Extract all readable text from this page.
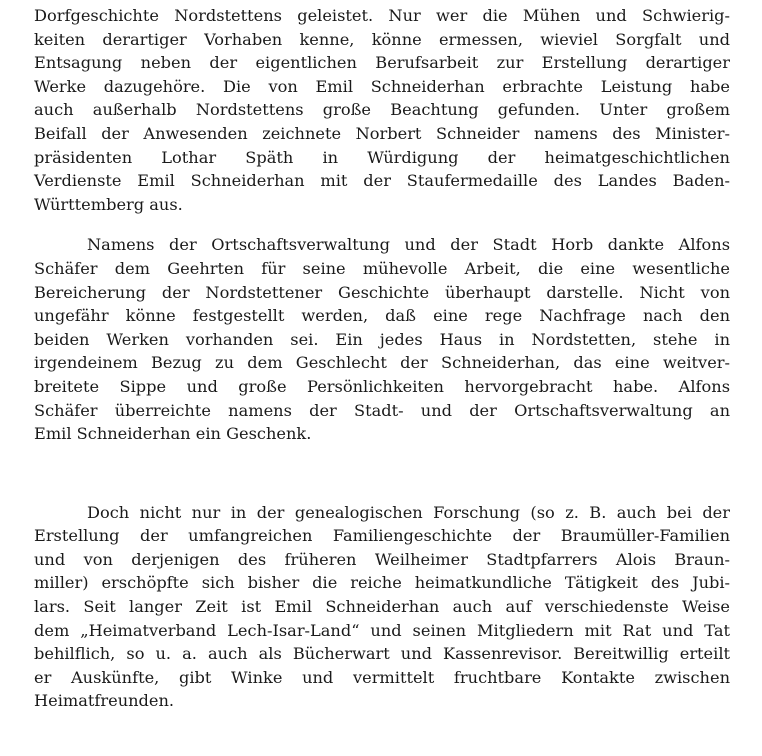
Dorfgeschichte Nordstettens geleistet. Nur wer die Mühen und Schwierig-
keiten derartiger Vorhaben kenne, könne ermessen, wieviel Sorgfalt und
Entsagung neben der eigentlichen Berufsarbeit zur Erstellung derartiger
Werke dazugehöre. Die von Emil Schneiderhan erbrachte Leistung habe
auch außerhalb Nordstettens große Beachtung gefunden. Unter großem
Beifall der Anwesenden zeichnete Norbert Schneider namens des Minister-
präsidenten Lothar Späth in Würdigung der heimatgeschichtlichen
Verdienste Emil Schneiderhan mit der Staufermedaille des Landes Baden-
Württemberg aus.
Namens der Ortschaftsverwaltung und der Stadt Horb dankte Alfons
Schäfer dem Geehrten für seine mühevolle Arbeit, die eine wesentliche
Bereicherung der Nordstettener Geschichte überhaupt darstelle. Nicht von
ungefähr könne festgestellt werden, daß eine rege Nachfrage nach den
beiden Werken vorhanden sei. Ein jedes Haus in Nordstetten, stehe in
irgendeinem Bezug zu dem Geschlecht der Schneiderhan, das eine weitver-
breitete Sippe und große Persönlichkeiten hervorgebracht habe. Alfons
Schäfer überreichte namens der Stadt- und der Ortschaftsverwaltung an
Emil Schneiderhan ein Geschenk.
Doch nicht nur in der genealogischen Forschung (so z. B. auch bei der
Erstellung der umfangreichen Familiengeschichte der Braumüller-Familien
und von derjenigen des früheren Weilheimer Stadtpfarrers Alois Braun-
miller) erschöpfte sich bisher die reiche heimatkundliche Tätigkeit des Jubi-
lars. Seit langer Zeit ist Emil Schneiderhan auch auf verschiedenste Weise
dem „Heimatverband Lech-Isar-Land“ und seinen Mitgliedern mit Rat und Tat
behilflich, so u. a. auch als Bücherwart und Kassenrevisor. Bereitwillig erteilt
er Auskünfte, gibt Winke und vermittelt fruchtbare Kontakte zwischen
Heimatfreunden.
